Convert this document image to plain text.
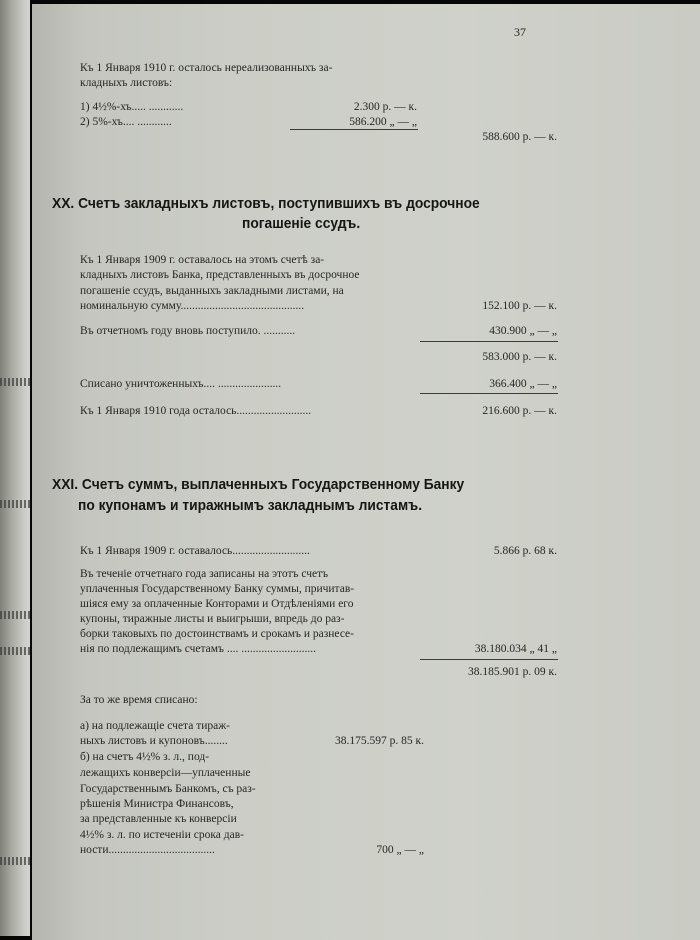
37
Къ 1 Января 1910 г. осталось нереализованныхъ за-
кладныхъ листовъ:
1) 4½%-хъ..... ............	2.300 р. — к.
2) 5%-хъ.... ............	586.200 „ — „
588.600 р. — к.
XX. Счетъ закладныхъ листовъ, поступившихъ въ досрочное
погашеніе ссудъ.
Къ 1 Января 1909 г. оставалось на этомъ счетѣ за-
кладныхъ листовъ Банка, представленныхъ въ досрочное
погашеніе ссудъ, выданныхъ закладными листами, на
номинальную сумму...........................................	152.100 р. — к.
Въ отчетномъ году вновь поступило. ...........	430.900 „ — „
583.000 р. — к.
Списано уничтоженныхъ.... ......................	366.400 „ — „
Къ 1 Января 1910 года осталось..........................	216.600 р. — к.
XXI. Счетъ суммъ, выплаченныхъ Государственному Банку
по купонамъ и тиражнымъ закладнымъ листамъ.
Къ 1 Января 1909 г. оставалось...........................	5.866 р. 68 к.
Въ теченіе отчетнаго года записаны на этотъ счетъ
уплаченныя Государственному Банку суммы, причитав-
шіяся ему за оплаченные Конторами и Отдѣленіями его
купоны, тиражные листы и выигрыши, впредь до раз-
борки таковыхъ по достоинствамъ и срокамъ и разнесе-
нія по подлежащимъ счетамъ .... ..........................	38.180.034 „ 41 „
38.185.901 р. 09 к.
За то же время списано:
а) на подлежащіе счета тираж-
ныхъ листовъ и купоновъ........	38.175.597 р. 85 к.
б) на счетъ 4½% з. л., под-
лежащихъ конверсіи—уплаченные
Государственнымъ Банкомъ, съ раз-
рѣшенія Министра Финансовъ,
за представленные къ конверсіи
4½% з. л. по истеченіи срока дав-
ности.....................................	700 „ — „
